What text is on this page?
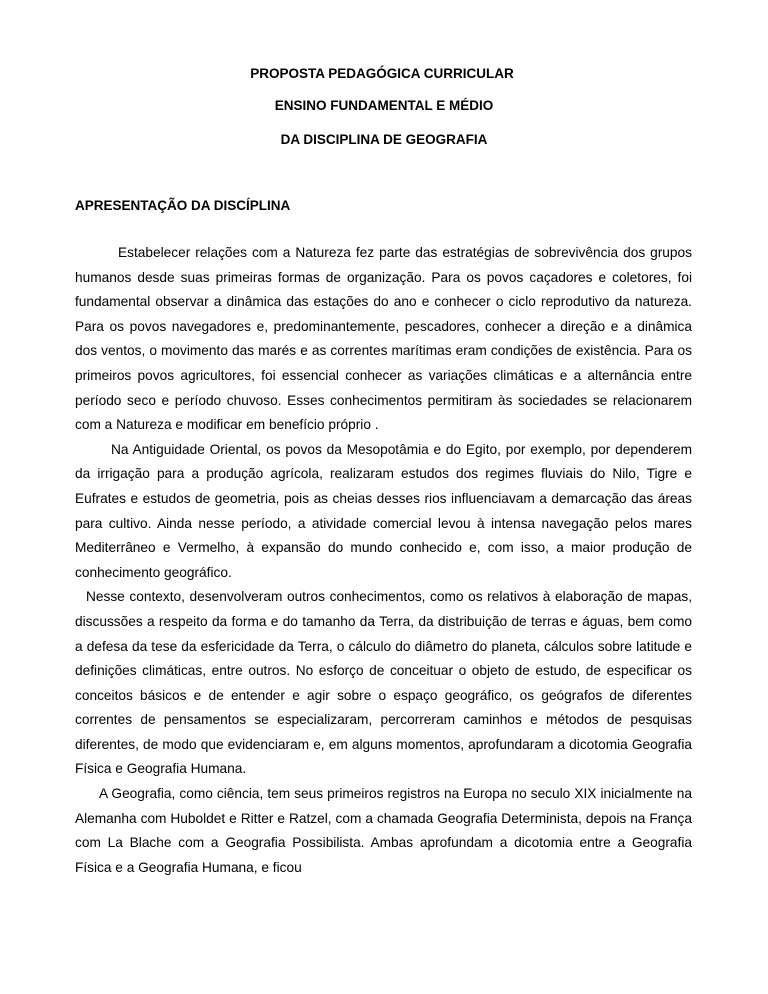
PROPOSTA PEDAGÓGICA CURRICULAR
ENSINO FUNDAMENTAL E MÉDIO
DA DISCIPLINA DE GEOGRAFIA
APRESENTAÇÃO DA DISCÍPLINA

Estabelecer relações com a Natureza fez parte das estratégias de sobrevivência dos grupos humanos desde suas primeiras formas de organização. Para os povos caçadores e coletores, foi fundamental observar a dinâmica das estações do ano e conhecer o ciclo reprodutivo da natureza. Para os povos navegadores e, predominantemente, pescadores, conhecer a direção e a dinâmica dos ventos, o movimento das marés e as correntes marítimas eram condições de existência. Para os primeiros povos agricultores, foi essencial conhecer as variações climáticas e a alternância entre período seco e período chuvoso. Esses conhecimentos permitiram às sociedades se relacionarem com a Natureza e modificar em benefício próprio .

Na Antiguidade Oriental, os povos da Mesopotâmia e do Egito, por exemplo, por dependerem da irrigação para a produção agrícola, realizaram estudos dos regimes fluviais do Nilo, Tigre e Eufrates e estudos de geometria, pois as cheias desses rios influenciavam a demarcação das áreas para cultivo. Ainda nesse período, a atividade comercial levou à intensa navegação pelos mares Mediterrâneo e Vermelho, à expansão do mundo conhecido e, com isso, a maior produção de conhecimento geográfico.

Nesse contexto, desenvolveram outros conhecimentos, como os relativos à elaboração de mapas, discussões a respeito da forma e do tamanho da Terra, da distribuição de terras e águas, bem como a defesa da tese da esfericidade da Terra, o cálculo do diâmetro do planeta, cálculos sobre latitude e definições climáticas, entre outros. No esforço de conceituar o objeto de estudo, de especificar os conceitos básicos e de entender e agir sobre o espaço geográfico, os geógrafos de diferentes correntes de pensamentos se especializaram, percorreram caminhos e métodos de pesquisas diferentes, de modo que evidenciaram e, em alguns momentos, aprofundaram a dicotomia Geografia Física e Geografia Humana.

A Geografia, como ciência, tem seus primeiros registros na Europa no seculo XIX inicialmente na Alemanha com Huboldet e Ritter e Ratzel, com a chamada Geografia Determinista, depois na França com La Blache com a Geografia Possibilista. Ambas aprofundam a dicotomia entre a Geografia Física e a Geografia Humana, e ficou
